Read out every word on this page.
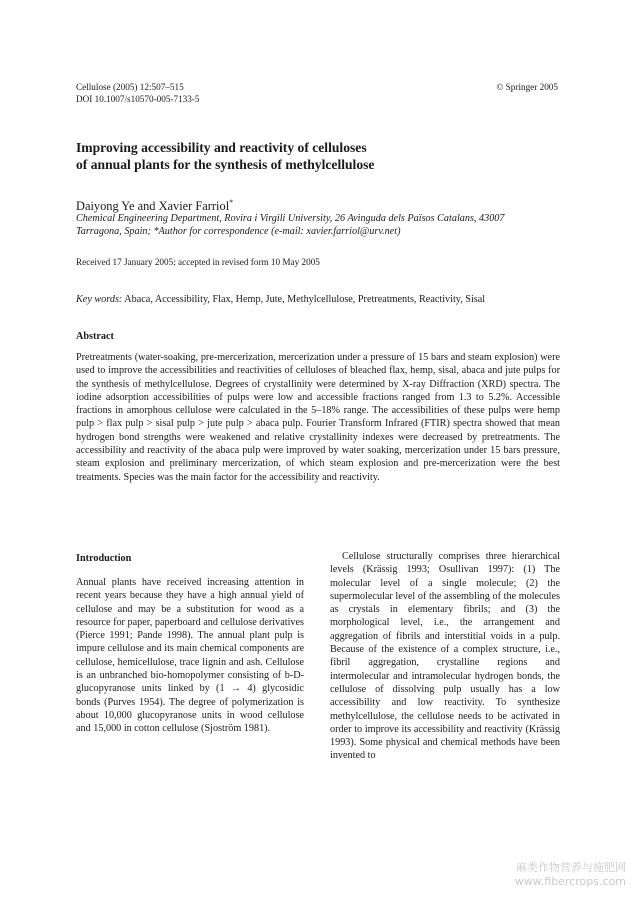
Cellulose (2005) 12:507–515
DOI 10.1007/s10570-005-7133-5
© Springer 2005
Improving accessibility and reactivity of celluloses
of annual plants for the synthesis of methylcellulose
Daiyong Ye and Xavier Farriol*
Chemical Engineering Department, Rovira i Virgili University, 26 Avinguda dels Països Catalans, 43007
Tarragona, Spain; *Author for correspondence (e-mail: xavier.farriol@urv.net)
Received 17 January 2005; accepted in revised form 10 May 2005
Key words: Abaca, Accessibility, Flax, Hemp, Jute, Methylcellulose, Pretreatments, Reactivity, Sisal
Abstract

Pretreatments (water-soaking, pre-mercerization, mercerization under a pressure of 15 bars and steam explosion) were used to improve the accessibilities and reactivities of celluloses of bleached flax, hemp, sisal, abaca and jute pulps for the synthesis of methylcellulose. Degrees of crystallinity were determined by X-ray Diffraction (XRD) spectra. The iodine adsorption accessibilities of pulps were low and accessible fractions ranged from 1.3 to 5.2%. Accessible fractions in amorphous cellulose were calculated in the 5–18% range. The accessibilities of these pulps were hemp pulp > flax pulp > sisal pulp > jute pulp > abaca pulp. Fourier Transform Infrared (FTIR) spectra showed that mean hydrogen bond strengths were weakened and relative crystallinity indexes were decreased by pretreatments. The accessibility and reactivity of the abaca pulp were improved by water soaking, mercerization under 15 bars pressure, steam explosion and preliminary mercerization, of which steam explosion and pre-mercerization were the best treatments. Species was the main factor for the accessibility and reactivity.

Introduction

Annual plants have received increasing attention in recent years because they have a high annual yield of cellulose and may be a substitution for wood as a resource for paper, paperboard and cellulose derivatives (Pierce 1991; Pande 1998). The annual plant pulp is impure cellulose and its main chemical components are cellulose, hemicellulose, trace lignin and ash. Cellulose is an unbranched bio-homopolymer consisting of b-D-glucopyranose units linked by (1 → 4) glycosidic bonds (Purves 1954). The degree of polymerization is about 10,000 glucopyranose units in wood cellulose and 15,000 in cotton cellulose (Sjostrӧm 1981).

Cellulose structurally comprises three hierarchical levels (Krässig 1993; Osullivan 1997): (1) The molecular level of a single molecule; (2) the supermolecular level of the assembling of the molecules as crystals in elementary fibrils; and (3) the morphological level, i.e., the arrangement and aggregation of fibrils and interstitial voids in a pulp. Because of the existence of a complex structure, i.e., fibril aggregation, crystalline regions and intermolecular and intramolecular hydrogen bonds, the cellulose of dissolving pulp usually has a low accessibility and low reactivity. To synthesize methylcellulose, the cellulose needs to be activated in order to improve its accessibility and reactivity (Krässig 1993). Some physical and chemical methods have been invented to

麻类作物营养与施肥网
www.fibercrops.com
